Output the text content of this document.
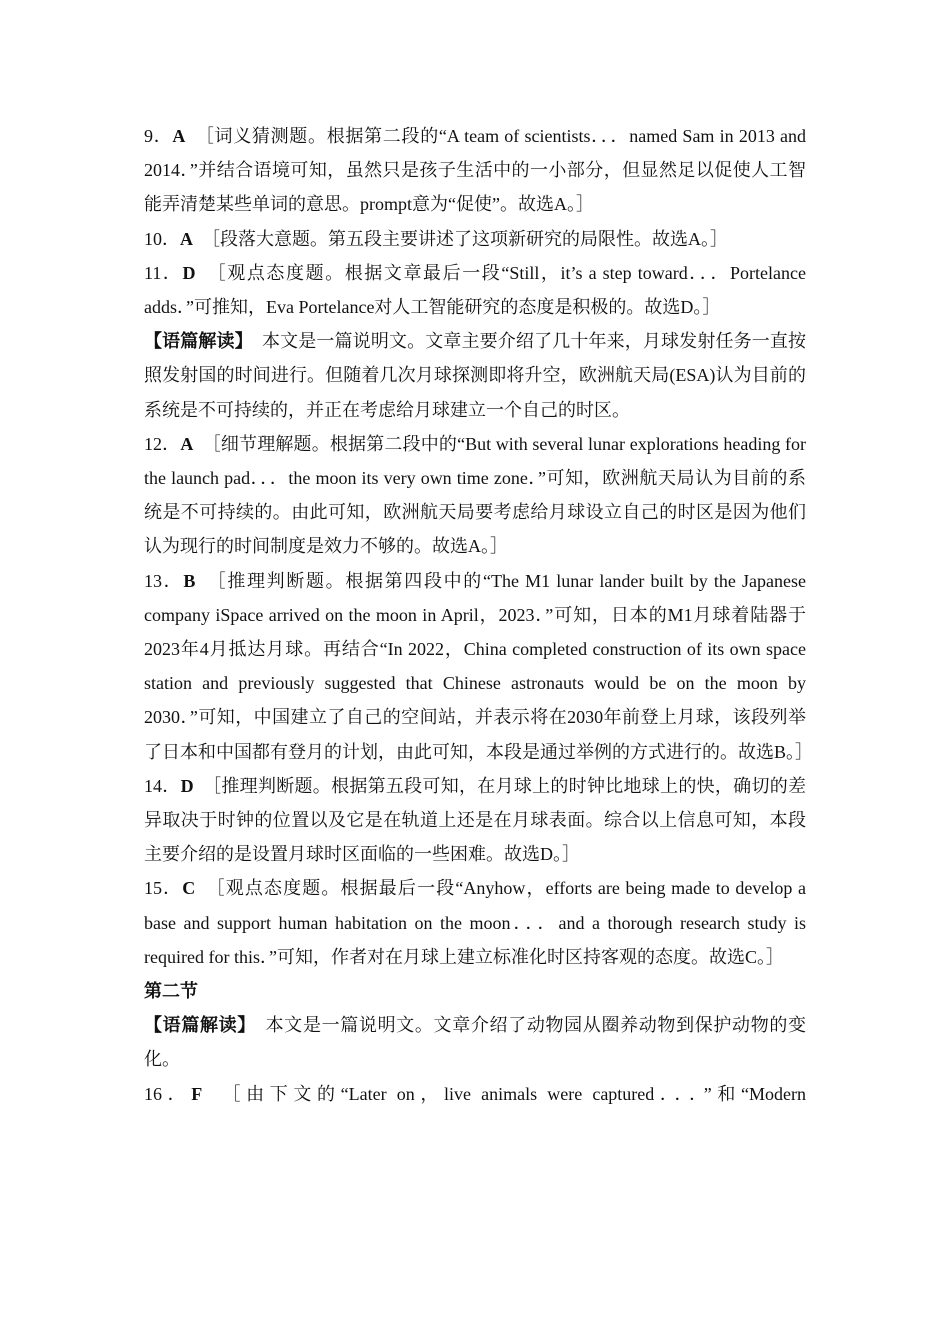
9．A　 ［词义猜测题。根据第二段的“A team of scientists．．．named Sam in 2013 and 2014．”并结合语境可知，虽然只是孩子生活中的一小部分，但显然足以促使人工智能弄清楚某些单词的意思。prompt意为“促使”。故选A。］

10．A　 ［段落大意题。第五段主要讲述了这项新研究的局限性。故选A。］

11．D　 ［观点态度题。根据文章最后一段“Still，it’s a step toward．．．Portelance adds．”可推知，Eva Portelance对人工智能研究的态度是积极的。故选D。］

【语篇解读】　 本文是一篇说明文。文章主要介绍了几十年来，月球发射任务一直按照发射国的时间进行。但随着几次月球探测即将升空，欧洲航天局(ESA)认为目前的系统是不可持续的，并正在考虑给月球建立一个自己的时区。

12．A　 ［细节理解题。根据第二段中的“But with several lunar explorations heading for the launch pad．．．the moon its very own time zone．”可知，欧洲航天局认为目前的系统是不可持续的。由此可知，欧洲航天局要考虑给月球设立自己的时区是因为他们认为现行的时间制度是效力不够的。故选A。］

13．B　 ［推理判断题。根据第四段中的“The M1 lunar lander built by the Japanese company iSpace arrived on the moon in April，2023．”可知，日本的M1月球着陆器于2023年4月抵达月球。再结合“In 2022，China completed construction of its own space station and previously suggested that Chinese astronauts would be on the moon by 2030．”可知，中国建立了自己的空间站，并表示将在2030年前登上月球，该段列举了日本和中国都有登月的计划，由此可知，本段是通过举例的方式进行的。故选B。］

14．D　 ［推理判断题。根据第五段可知，在月球上的时钟比地球上的快，确切的差异取决于时钟的位置以及它是在轨道上还是在月球表面。综合以上信息可知，本段主要介绍的是设置月球时区面临的一些困难。故选D。］

15．C　 ［观点态度题。根据最后一段“Anyhow，efforts are being made to develop a base and support human habitation on the moon．．．and a thorough research study is required for this．”可知，作者对在月球上建立标准化时区持客观的态度。故选C。］

第二节

【语篇解读】　 本文是一篇说明文。文章介绍了动物园从圈养动物到保护动物的变化。

16．F　 ［由下文的“Later on，live animals were captured．．．”和“Modern
